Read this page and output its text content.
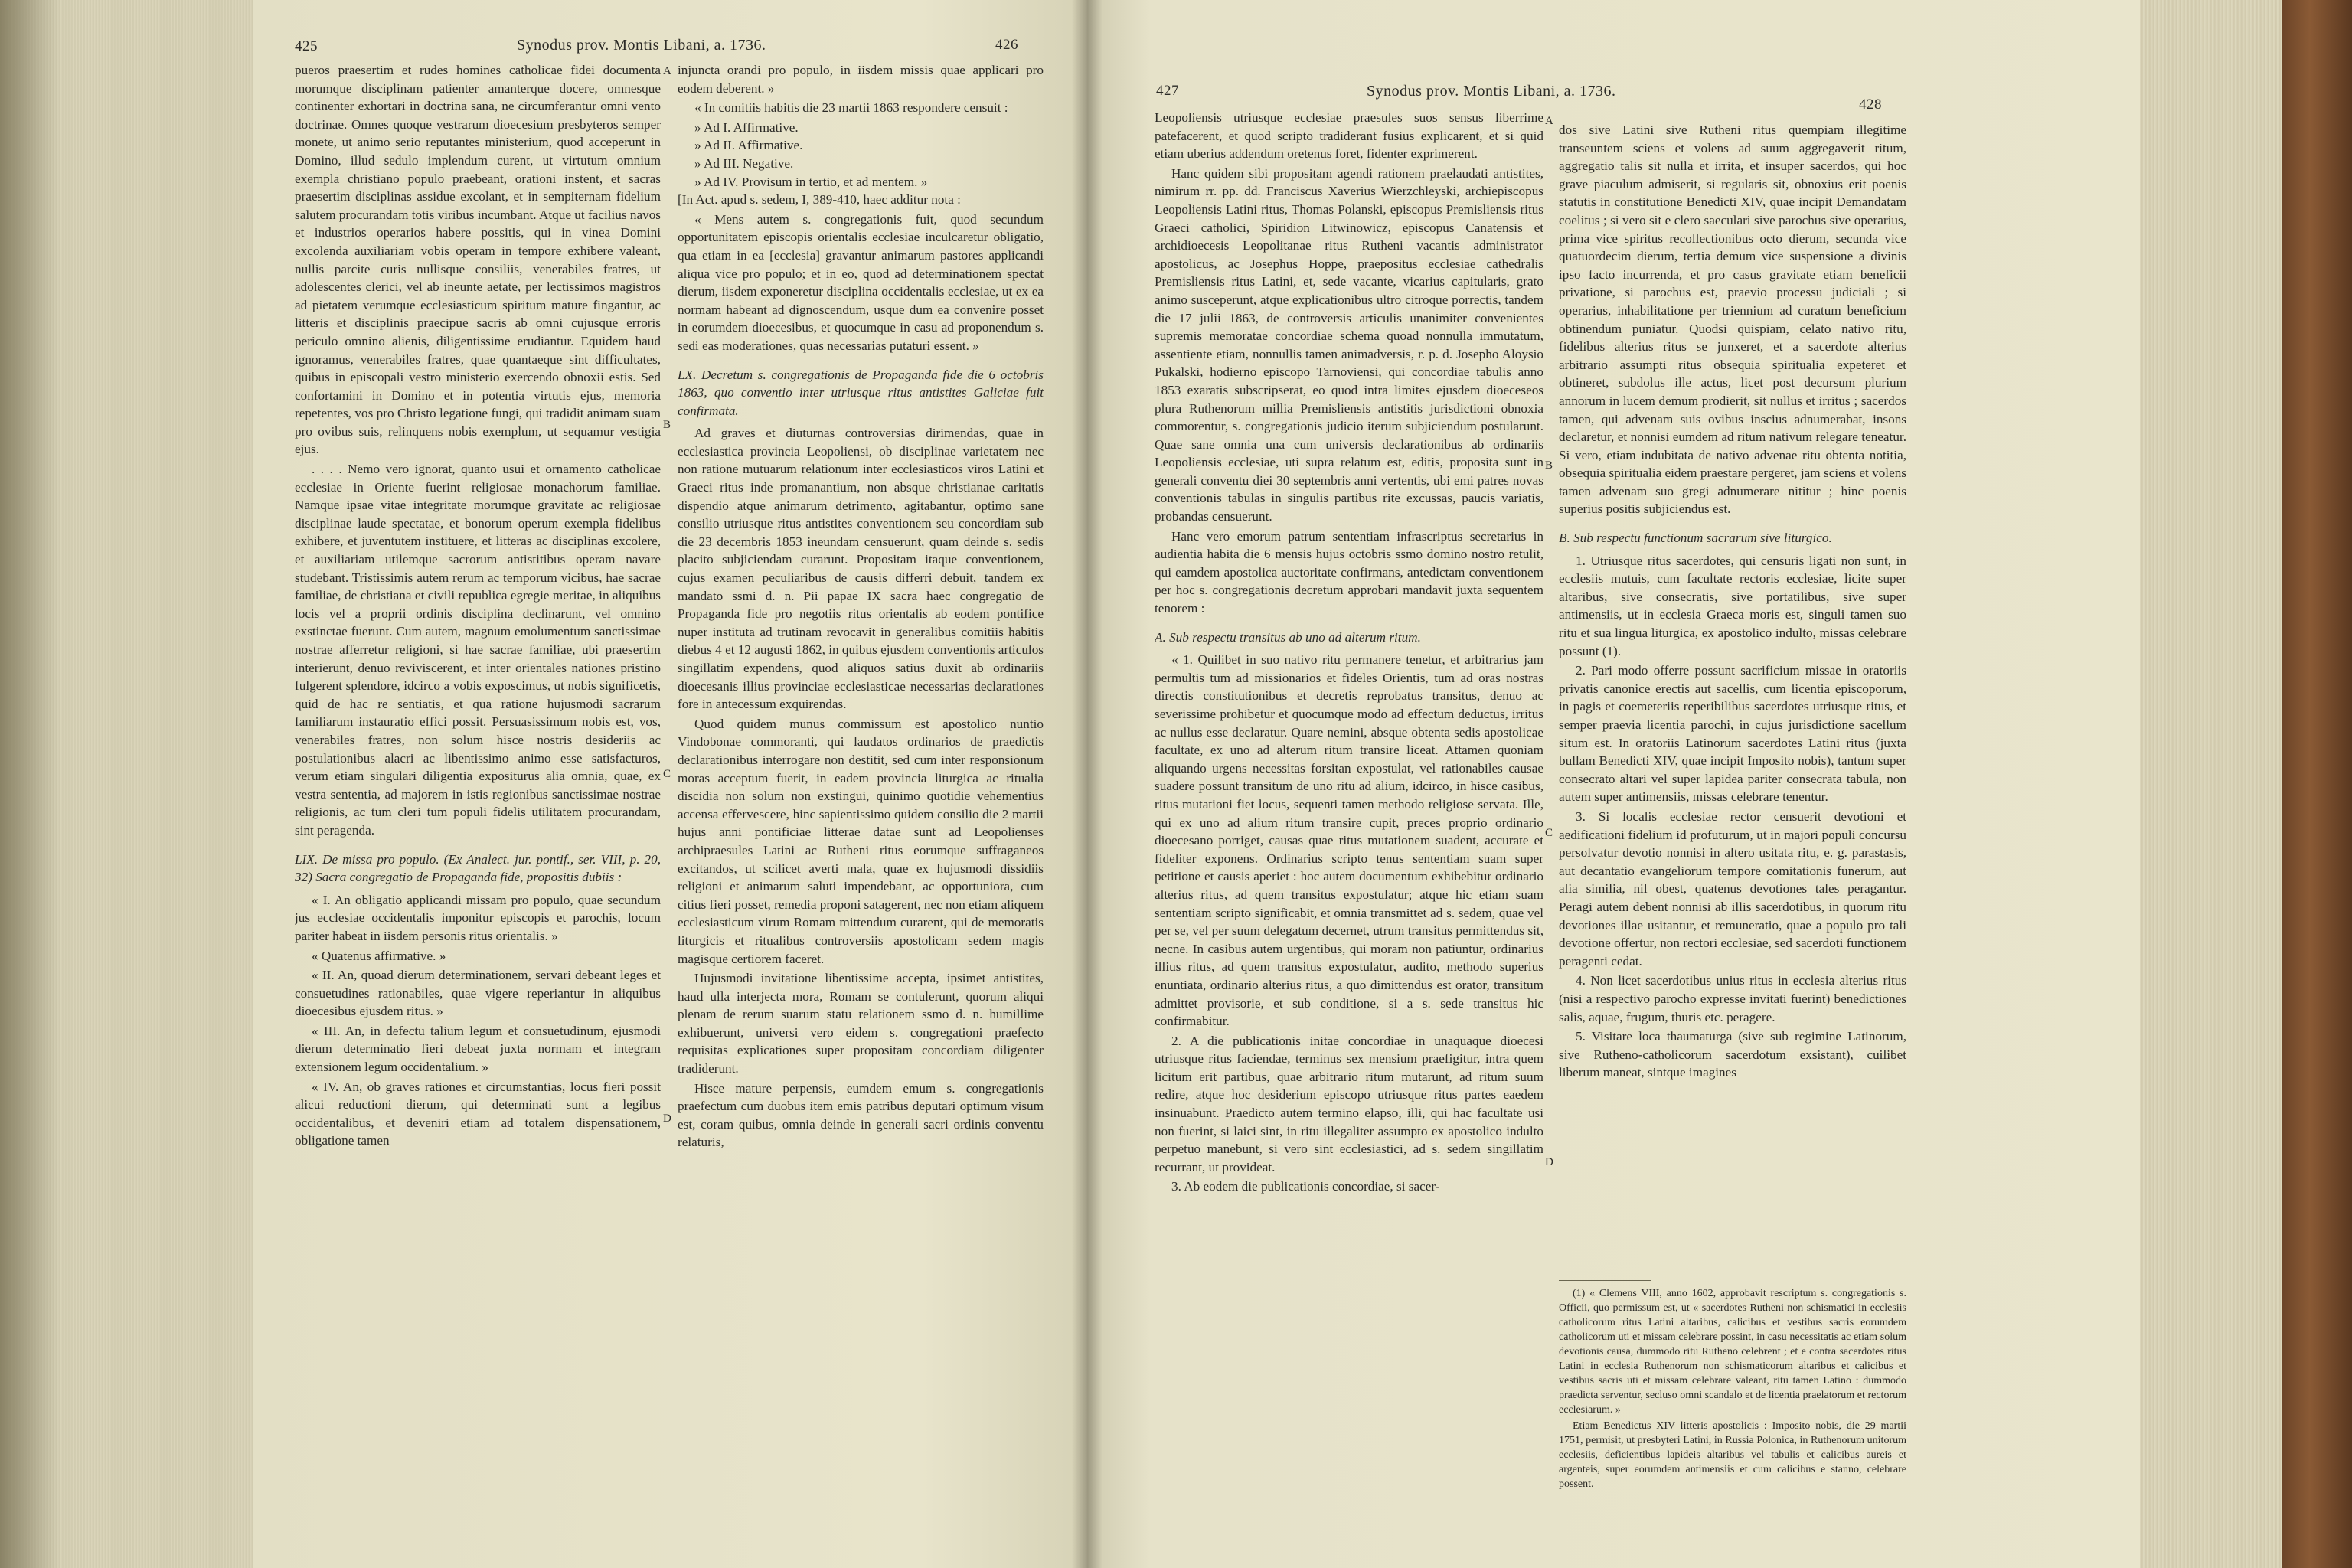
425	Synodus prov. Montis Libani, a. 1736.	426

pueros praesertim et rudes homines catholicae fidei documenta morumque disciplinam patienter amanterque docere, omnesque continenter exhortari in doctrina sana, ne circumferantur omni vento doctrinae. Omnes quoque vestrarum dioecesium presbyteros semper monete, ut animo serio reputantes ministerium, quod acceperunt in Domino, illud sedulo implendum curent, ut virtutum omnium exempla christiano populo praebeant, orationi instent, et sacras praesertim disciplinas assidue excolant, et in sempiternam fidelium salutem procurandam totis viribus incumbant. Atque ut facilius navos et industrios operarios habere possitis, qui in vinea Domini excolenda auxiliariam vobis operam in tempore exhibere valeant, nullis parcite curis nullisque consiliis, venerabiles fratres, ut adolescentes clerici, vel ab ineunte aetate, per lectissimos magistros ad pietatem verumque ecclesiasticum spiritum mature fingantur, ac litteris et disciplinis praecipue sacris ab omni cujusque erroris periculo omnino alienis, diligentissime erudiantur. Equidem haud ignoramus, venerabiles fratres, quae quantaeque sint difficultates, quibus in episcopali vestro ministerio exercendo obnoxii estis. Sed confortamini in Domino et in potentia virtutis ejus, memoria repetentes, vos pro Christo legatione fungi, qui tradidit animam suam pro ovibus suis, relinquens nobis exemplum, ut sequamur vestigia ejus.

. . . . Nemo vero ignorat, quanto usui et ornamento catholicae ecclesiae in Oriente fuerint religiosae monachorum familiae. Namque ipsae vitae integritate morumque gravitate ac religiosae disciplinae laude spectatae, et bonorum operum exempla fidelibus exhibere, et juventutem instituere, et litteras ac disciplinas excolere, et auxiliariam utilemque sacrorum antistitibus operam navare studebant. Tristissimis autem rerum ac temporum vicibus, hae sacrae familiae, de christiana et civili republica egregie meritae, in aliquibus locis vel a proprii ordinis disciplina declinarunt, vel omnino exstinctae fuerunt. Cum autem, magnum emolumentum sanctissimae nostrae afferretur religioni, si hae sacrae familiae, ubi praesertim interierunt, denuo reviviscerent, et inter orientales nationes pristino fulgerent splendore, idcirco a vobis exposcimus, ut nobis significetis, quid de hac re sentiatis, et qua ratione hujusmodi sacrarum familiarum instauratio effici possit. Persuasissimum nobis est, vos, venerabiles fratres, non solum hisce nostris desideriis ac postulationibus alacri ac libentissimo animo esse satisfacturos, verum etiam singulari diligentia expositurus alia omnia, quae, ex vestra sententia, ad majorem in istis regionibus sanctissimae nostrae religionis, ac tum cleri tum populi fidelis utilitatem procurandam, sint peragenda.

LIX. De missa pro populo. (Ex Analect. jur. pontif., ser. VIII, p. 20, 32) Sacra congregatio de Propaganda fide, propositis dubiis :

« I. An obligatio applicandi missam pro populo, quae secundum jus ecclesiae occidentalis imponitur episcopis et parochis, locum pariter habeat in iisdem personis ritus orientalis. »

« Quatenus affirmative. »

« II. An, quoad dierum determinationem, servari debeant leges et consuetudines rationabiles, quae vigere reperiantur in aliquibus dioecesibus ejusdem ritus. »

« III. An, in defectu talium legum et consuetudinum, ejusmodi dierum determinatio fieri debeat juxta normam et integram extensionem legum occidentalium. »

« IV. An, ob graves rationes et circumstantias, locus fieri possit alicui reductioni dierum, qui determinati sunt a legibus occidentalibus, et deveniri etiam ad totalem dispensationem, obligatione tamen

injuncta orandi pro populo, in iisdem missis quae applicari pro eodem deberent. »

« In comitiis habitis die 23 martii 1863 respondere censuit :

» Ad I. Affirmative.

» Ad II. Affirmative.

» Ad III. Negative.

» Ad IV. Provisum in tertio, et ad mentem. »

[In Act. apud s. sedem, I, 389-410, haec additur nota :

« Mens autem s. congregationis fuit, quod secundum opportunitatem episcopis orientalis ecclesiae inculcaretur obligatio, qua etiam in ea [ecclesia] gravantur animarum pastores applicandi aliqua vice pro populo; et in eo, quod ad determinationem spectat dierum, iisdem exponeretur disciplina occidentalis ecclesiae, ut ex ea normam habeant ad dignoscendum, usque dum ea convenire posset in eorumdem dioecesibus, et quocumque in casu ad proponendum s. sedi eas moderationes, quas necessarias putaturi essent. »

LX. Decretum s. congregationis de Propaganda fide die 6 octobris 1863, quo conventio inter utriusque ritus antistites Galiciae fuit confirmata.

Ad graves et diuturnas controversias dirimendas, quae in ecclesiastica provincia Leopoliensi, ob disciplinae varietatem nec non ratione mutuarum relationum inter ecclesiasticos viros Latini et Graeci ritus inde promanantium, non absque christianae caritatis dispendio atque animarum detrimento, agitabantur, optimo sane consilio utriusque ritus antistites conventionem seu concordiam sub die 23 decembris 1853 ineundam censuerunt, quam deinde s. sedis placito subjiciendam curarunt. Propositam itaque conventionem, cujus examen peculiaribus de causis differri debuit, tandem ex mandato ssmi d. n. Pii papae IX sacra haec congregatio de Propaganda fide pro negotiis ritus orientalis ab eodem pontifice nuper instituta ad trutinam revocavit in generalibus comitiis habitis diebus 4 et 12 augusti 1862, in quibus ejusdem conventionis articulos singillatim expendens, quod aliquos satius duxit ab ordinariis dioecesanis illius provinciae ecclesiasticae necessarias declarationes fore in antecessum exquirendas.

Quod quidem munus commissum est apostolico nuntio Vindobonae commoranti, qui laudatos ordinarios de praedictis declarationibus interrogare non destitit, sed cum inter responsionum moras acceptum fuerit, in eadem provincia liturgica ac ritualia discidia non solum non exstingui, quinimo quotidie vehementius accensa effervescere, hinc sapientissimo quidem consilio die 2 martii hujus anni pontificiae litterae datae sunt ad Leopolienses archipraesules Latini ac Rutheni ritus eorumque suffraganeos excitandos, ut scilicet averti mala, quae ex hujusmodi dissidiis religioni et animarum saluti impendebant, ac opportuniora, cum citius fieri posset, remedia proponi satagerent, nec non etiam aliquem ecclesiasticum virum Romam mittendum curarent, qui de memoratis liturgicis et ritualibus controversiis apostolicam sedem magis magisque certiorem faceret.

Hujusmodi invitatione libentissime accepta, ipsimet antistites, haud ulla interjecta mora, Romam se contulerunt, quorum aliqui plenam de rerum suarum statu relationem ssmo d. n. humillime exhibuerunt, universi vero eidem s. congregationi praefecto requisitas explicationes super propositam concordiam diligenter tradiderunt.

Hisce mature perpensis, eumdem emum s. congregationis praefectum cum duobus item emis patribus deputari optimum visum est, coram quibus, omnia deinde in generali sacri ordinis conventu relaturis,

A
B
C
D
427	Synodus prov. Montis Libani, a. 1736.
428

Leopoliensis utriusque ecclesiae praesules suos sensus liberrime patefacerent, et quod scripto tradiderant fusius explicarent, et si quid etiam uberius addendum oretenus foret, fidenter exprimerent.

Hanc quidem sibi propositam agendi rationem praelaudati antistites, nimirum rr. pp. dd. Franciscus Xaverius Wierzchleyski, archiepiscopus Leopoliensis Latini ritus, Thomas Polanski, episcopus Premisliensis ritus Graeci catholici, Spiridion Litwinowicz, episcopus Canatensis et archidioecesis Leopolitanae ritus Rutheni vacantis administrator apostolicus, ac Josephus Hoppe, praepositus ecclesiae cathedralis Premisliensis ritus Latini, et, sede vacante, vicarius capitularis, grato animo susceperunt, atque explicationibus ultro citroque porrectis, tandem die 17 julii 1863, de controversis articulis unanimiter convenientes supremis memoratae concordiae schema quoad nonnulla immutatum, assentiente etiam, nonnullis tamen animadversis, r. p. d. Josepho Aloysio Pukalski, hodierno episcopo Tarnoviensi, qui concordiae tabulis anno 1853 exaratis subscripserat, eo quod intra limites ejusdem dioeceseos plura Ruthenorum millia Premisliensis antistitis jurisdictioni obnoxia commorentur, s. congregationis judicio iterum subjiciendum postularunt. Quae sane omnia una cum universis declarationibus ab ordinariis Leopoliensis ecclesiae, uti supra relatum est, editis, proposita sunt in generali conventu diei 30 septembris anni vertentis, ubi emi patres novas conventionis tabulas in singulis partibus rite excussas, paucis variatis, probandas censuerunt.

Hanc vero emorum patrum sententiam infrascriptus secretarius in audientia habita die 6 mensis hujus octobris ssmo domino nostro retulit, qui eamdem apostolica auctoritate confirmans, antedictam conventionem per hoc s. congregationis decretum approbari mandavit juxta sequentem tenorem :

A. Sub respectu transitus ab uno ad alterum ritum.

« 1. Quilibet in suo nativo ritu permanere tenetur, et arbitrarius jam permultis tum ad missionarios et fideles Orientis, tum ad oras nostras directis constitutionibus et decretis reprobatus transitus, denuo ac severissime prohibetur et quocumque modo ad effectum deductus, irritus ac nullus esse declaratur. Quare nemini, absque obtenta sedis apostolicae facultate, ex uno ad alterum ritum transire liceat. Attamen quoniam aliquando urgens necessitas forsitan expostulat, vel rationabiles causae suadere possunt transitum de uno ritu ad alium, idcirco, in hisce casibus, ritus mutationi fiet locus, sequenti tamen methodo religiose servata. Ille, qui ex uno ad alium ritum transire cupit, preces proprio ordinario dioecesano porriget, causas quae ritus mutationem suadent, accurate et fideliter exponens. Ordinarius scripto tenus sententiam suam super petitione et causis aperiet : hoc autem documentum exhibebitur ordinario alterius ritus, ad quem transitus expostulatur; atque hic etiam suam sententiam scripto significabit, et omnia transmittet ad s. sedem, quae vel per se, vel per suum delegatum decernet, utrum transitus permittendus sit, necne. In casibus autem urgentibus, qui moram non patiuntur, ordinarius illius ritus, ad quem transitus expostulatur, audito, methodo superius enuntiata, ordinario alterius ritus, a quo dimittendus est orator, transitum admittet provisorie, et sub conditione, si a s. sede transitus hic confirmabitur.

2. A die publicationis initae concordiae in unaquaque dioecesi utriusque ritus faciendae, terminus sex mensium praefigitur, intra quem licitum erit partibus, quae arbitrario ritum mutarunt, ad ritum suum redire, atque hoc desiderium episcopo utriusque ritus partes eaedem insinuabunt. Praedicto autem termino elapso, illi, qui hac facultate usi non fuerint, si laici sint, in ritu illegaliter assumpto ex apostolico indulto perpetuo manebunt, si vero sint ecclesiastici, ad s. sedem singillatim recurrant, ut provideat.

3. Ab eodem die publicationis concordiae, si sacer-

dos sive Latini sive Rutheni ritus quempiam illegitime transeuntem sciens et volens ad suum aggregaverit ritum, aggregatio talis sit nulla et irrita, et insuper sacerdos, qui hoc grave piaculum admiserit, si regularis sit, obnoxius erit poenis statutis in constitutione Benedicti XIV, quae incipit Demandatam coelitus ; si vero sit e clero saeculari sive parochus sive operarius, prima vice spiritus recollectionibus octo dierum, secunda vice quatuordecim dierum, tertia demum vice suspensione a divinis ipso facto incurrenda, et pro casus gravitate etiam beneficii privatione, si parochus est, praevio processu judiciali ; si operarius, inhabilitatione per triennium ad curatum beneficium obtinendum puniatur. Quodsi quispiam, celato nativo ritu, fidelibus alterius ritus se junxeret, et a sacerdote alterius arbitrario assumpti ritus obsequia spiritualia expeteret et obtineret, subdolus ille actus, licet post decursum plurium annorum in lucem demum prodierit, sit nullus et irritus ; sacerdos tamen, qui advenam suis ovibus inscius adnumerabat, insons declaretur, et nonnisi eumdem ad ritum nativum relegare teneatur. Si vero, etiam indubitata de nativo advenae ritu obtenta notitia, obsequia spiritualia eidem praestare pergeret, jam sciens et volens tamen advenam suo gregi adnumerare nititur ; hinc poenis superius positis subjiciendus est.

B. Sub respectu functionum sacrarum sive liturgico.

1. Utriusque ritus sacerdotes, qui censuris ligati non sunt, in ecclesiis mutuis, cum facultate rectoris ecclesiae, licite super altaribus, sive consecratis, sive portatilibus, sive super antimensiis, ut in ecclesia Graeca moris est, singuli tamen suo ritu et sua lingua liturgica, ex apostolico indulto, missas celebrare possunt (1).

2. Pari modo offerre possunt sacrificium missae in oratoriis privatis canonice erectis aut sacellis, cum licentia episcoporum, in pagis et coemeteriis reperibilibus sacerdotes utriusque ritus, et semper praevia licentia parochi, in cujus jurisdictione sacellum situm est. In oratoriis Latinorum sacerdotes Latini ritus (juxta bullam Benedicti XIV, quae incipit Imposito nobis), tantum super consecrato altari vel super lapidea pariter consecrata tabula, non autem super antimensiis, missas celebrare tenentur.

3. Si localis ecclesiae rector censuerit devotioni et aedificationi fidelium id profuturum, ut in majori populi concursu persolvatur devotio nonnisi in altero usitata ritu, e. g. parastasis, aut decantatio evangeliorum tempore comitationis funerum, aut alia similia, nil obest, quatenus devotiones tales peragantur. Peragi autem debent nonnisi ab illis sacerdotibus, in quorum ritu devotiones illae usitantur, et remuneratio, quae a populo pro tali devotione offertur, non rectori ecclesiae, sed sacerdoti functionem peragenti cedat.

4. Non licet sacerdotibus unius ritus in ecclesia alterius ritus (nisi a respectivo parocho expresse invitati fuerint) benedictiones salis, aquae, frugum, thuris etc. peragere.

5. Visitare loca thaumaturga (sive sub regimine Latinorum, sive Rutheno-catholicorum sacerdotum exsistant), cuilibet liberum maneat, sintque imagines

(1) « Clemens VIII, anno 1602, approbavit rescriptum s. congregationis s. Officii, quo permissum est, ut « sacerdotes Rutheni non schismatici in ecclesiis catholicorum ritus Latini altaribus, calicibus et vestibus sacris eorumdem catholicorum uti et missam celebrare possint, in casu necessitatis ac etiam solum devotionis causa, dummodo ritu Rutheno celebrent ; et e contra sacerdotes ritus Latini in ecclesia Ruthenorum non schismaticorum altaribus et calicibus et vestibus sacris uti et missam celebrare valeant, ritu tamen Latino : dummodo praedicta serventur, secluso omni scandalo et de licentia praelatorum et rectorum ecclesiarum. »

Etiam Benedictus XIV litteris apostolicis : Imposito nobis, die 29 martii 1751, permisit, ut presbyteri Latini, in Russia Polonica, in Ruthenorum unitorum ecclesiis, deficientibus lapideis altaribus vel tabulis et calicibus aureis et argenteis, super eorumdem antimensiis et cum calicibus e stanno, celebrare possent.

A
B
C
D
